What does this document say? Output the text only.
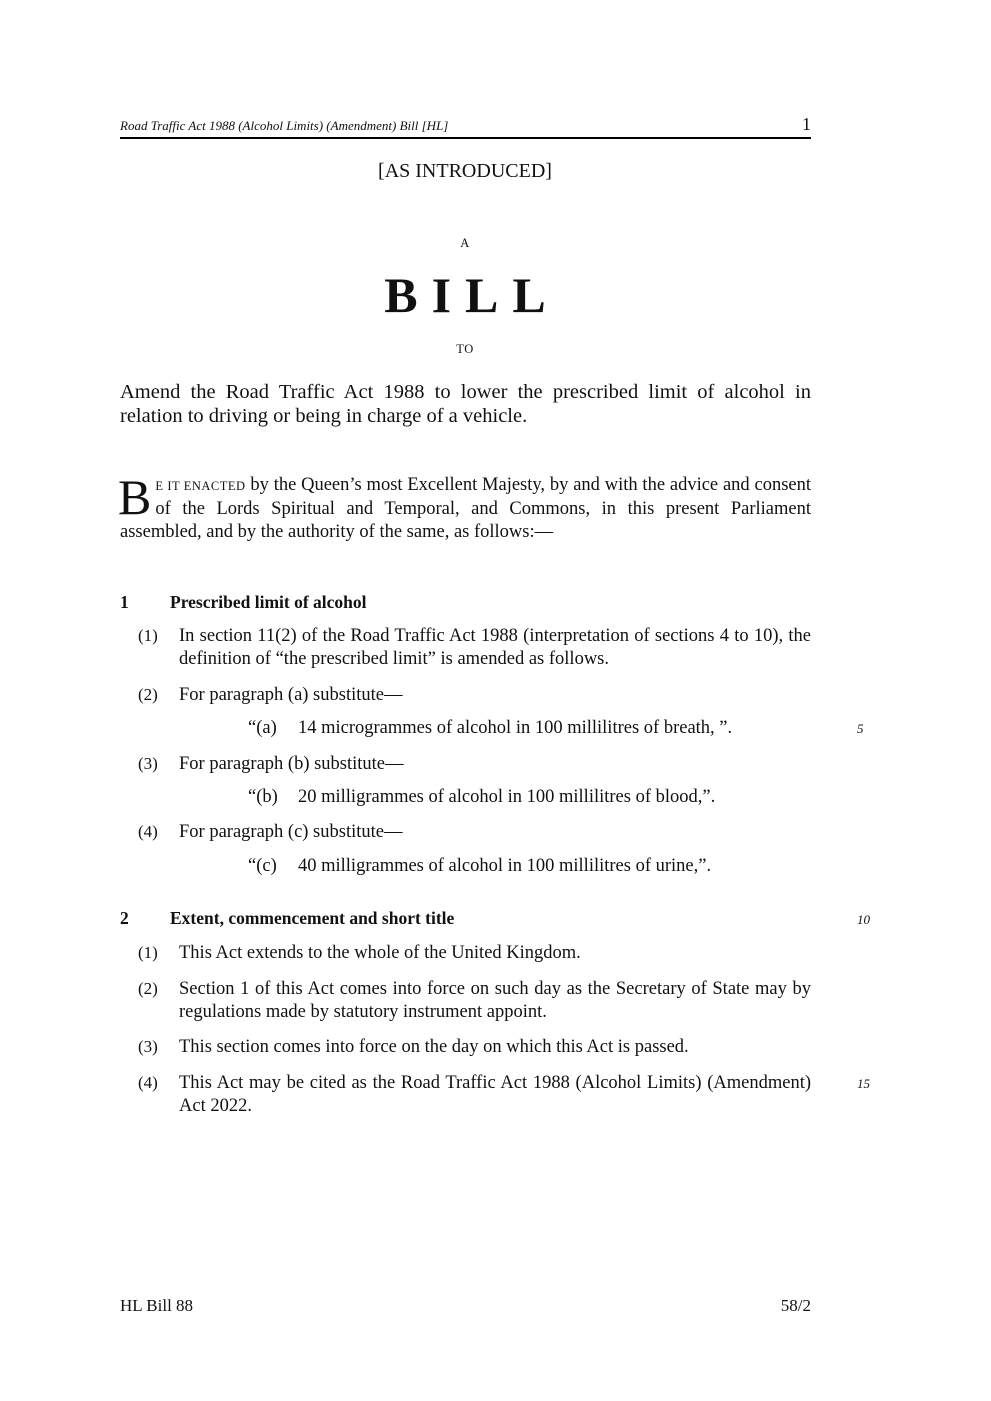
Road Traffic Act 1988 (Alcohol Limits) (Amendment) Bill [HL]	1
[AS INTRODUCED]
A
BILL
TO
Amend the Road Traffic Act 1988 to lower the prescribed limit of alcohol in relation to driving or being in charge of a vehicle.
B E IT ENACTED by the Queen’s most Excellent Majesty, by and with the advice and consent of the Lords Spiritual and Temporal, and Commons, in this present Parliament assembled, and by the authority of the same, as follows:—
1 Prescribed limit of alcohol
(1) In section 11(2) of the Road Traffic Act 1988 (interpretation of sections 4 to 10), the definition of “the prescribed limit” is amended as follows.
(2) For paragraph (a) substitute—
“(a) 14 microgrammes of alcohol in 100 millilitres of breath, ”.	5
(3) For paragraph (b) substitute—
“(b) 20 milligrammes of alcohol in 100 millilitres of blood,”.
(4) For paragraph (c) substitute—
“(c) 40 milligrammes of alcohol in 100 millilitres of urine,”.
2 Extent, commencement and short title	10
(1) This Act extends to the whole of the United Kingdom.
(2) Section 1 of this Act comes into force on such day as the Secretary of State may by regulations made by statutory instrument appoint.
(3) This section comes into force on the day on which this Act is passed.
(4) This Act may be cited as the Road Traffic Act 1988 (Alcohol Limits) (Amendment) Act 2022.
15
HL Bill 88	58/2
